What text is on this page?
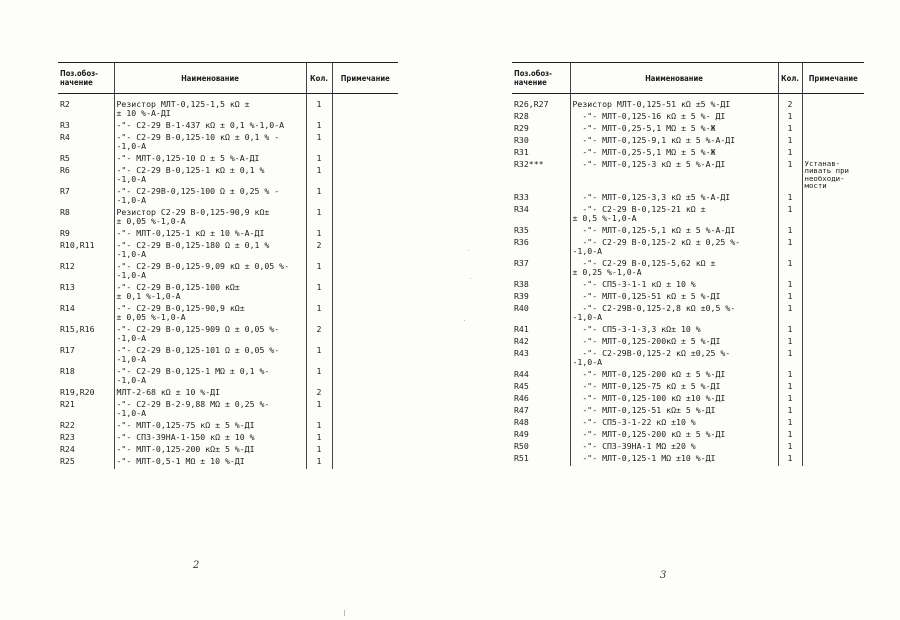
Поз.обоз-
начение	Наименование	Кол.	Примечание
R2	Резистор МЛТ-0,125-1,5 кΩ ±
± 10 %-А-ДI	1	
R3	-"- С2-29 В-1-437 кΩ ± 0,1 %-1,0-А	1	
R4	-"- С2-29 В-0,125-10 кΩ ± 0,1 % -
-1,0-А	1	
R5	-"- МЛТ-0,125-10 Ω ± 5 %-А-ДI	1	
R6	-"- С2-29 В-0,125-1 кΩ ± 0,1 %
-1,0-А	1	
R7	-"- С2-29В-0,125-100 Ω ± 0,25 % -
-1,0-А	1	
R8	Резистор С2-29 В-0,125-90,9 кΩ±
± 0,05 %-1,0-А	1	
R9	-"- МЛТ-0,125-1 кΩ ± 10 %-А-ДI	1	
R10,R11	-"- С2-29 В-0,125-180 Ω ± 0,1 %
-1,0-А	2	
R12	-"- С2-29 В-0,125-9,09 кΩ ± 0,05 %-
-1,0-А	1	
R13	-"- С2-29 В-0,125-100 кΩ±
± 0,1 %-1,0-А	1	
R14	-"- С2-29 В-0,125-90,9 кΩ±
± 0,05 %-1,0-А	1	
R15,R16	-"- С2-29 В-0,125-909 Ω ± 0,05 %-
-1,0-А	2	
R17	-"- С2-29 В-0,125-101 Ω ± 0,05 %-
-1,0-А	1	
R18	-"- С2-29 В-0,125-1 МΩ ± 0,1 %-
-1,0-А	1	
R19,R20	МЛТ-2-68 кΩ ± 10 %-ДI	2	
R21	-"- С2-29 В-2-9,88 МΩ ± 0,25 %-
-1,0-А	1	
R22	-"- МЛТ-0,125-75 кΩ ± 5 %-ДI	1	
R23	-"- СП3-39НА-1-150 кΩ ± 10 %	1	
R24	-"- МЛТ-0,125-200 кΩ± 5 %-ДI	1	
R25	-"- МЛТ-0,5-1 МΩ ± 10 %-ДI	1	
Поз.обоз-
начение	Наименование	Кол.	Примечание
R26,R27	Резистор МЛТ-0,125-51 кΩ ±5 %-ДI	2	
R28	-"- МЛТ-0,125-16 кΩ ± 5 %- ДI	1	
R29	-"- МЛТ-0,25-5,1 МΩ ± 5 %-Ж	1	
R30	-"- МЛТ-0,125-9,1 кΩ ± 5 %-А-ДI	1	
R31	-"- МЛТ-0,25-5,1 МΩ ± 5 %-Ж	1	
R32***	-"- МЛТ-0,125-3 кΩ ± 5 %-А-ДI	1	Устанав-
ливать при
необходи-
мости
R33	-"- МЛТ-0,125-3,3 кΩ ±5 %-А-ДI	1	
R34	-"- С2-29 В-0,125-21 кΩ ±
± 0,5 %-1,0-А	1	
R35	-"- МЛТ-0,125-5,1 кΩ ± 5 %-А-ДI	1	
R36	-"- С2-29 В-0,125-2 кΩ ± 0,25 %-
-1,0-А	1	
R37	-"- С2-29 В-0,125-5,62 кΩ ±
± 0,25 %-1,0-А	1	
R38	-"- СП5-3-1-1 кΩ ± 10 %	1	
R39	-"- МЛТ-0,125-51 кΩ ± 5 %-ДI	1	
R40	-"- С2-29В-0,125-2,8 кΩ ±0,5 %-
-1,0-А	1	
R41	-"- СП5-3-1-3,3 кΩ± 10 %	1	
R42	-"- МЛТ-0,125-200кΩ ± 5 %-ДI	1	
R43	-"- С2-29В-0,125-2 кΩ ±0,25 %-
-1,0-А	1	
R44	-"- МЛТ-0,125-200 кΩ ± 5 %-ДI	1	
R45	-"- МЛТ-0,125-75 кΩ ± 5 %-ДI	1	
R46	-"- МЛТ-0,125-100 кΩ ±10 %-ДI	1	
R47	-"- МЛТ-0,125-51 кΩ± 5 %-ДI	1	
R48	-"- СП5-3-1-22 кΩ ±10 %	1	
R49	-"- МЛТ-0,125-200 кΩ ± 5 %-ДI	1	
R50	-"- СП3-39НА-1 МΩ ±20 %	1	
R51	-"- МЛТ-0,125-1 МΩ ±10 %-ДI	1	
2
3
